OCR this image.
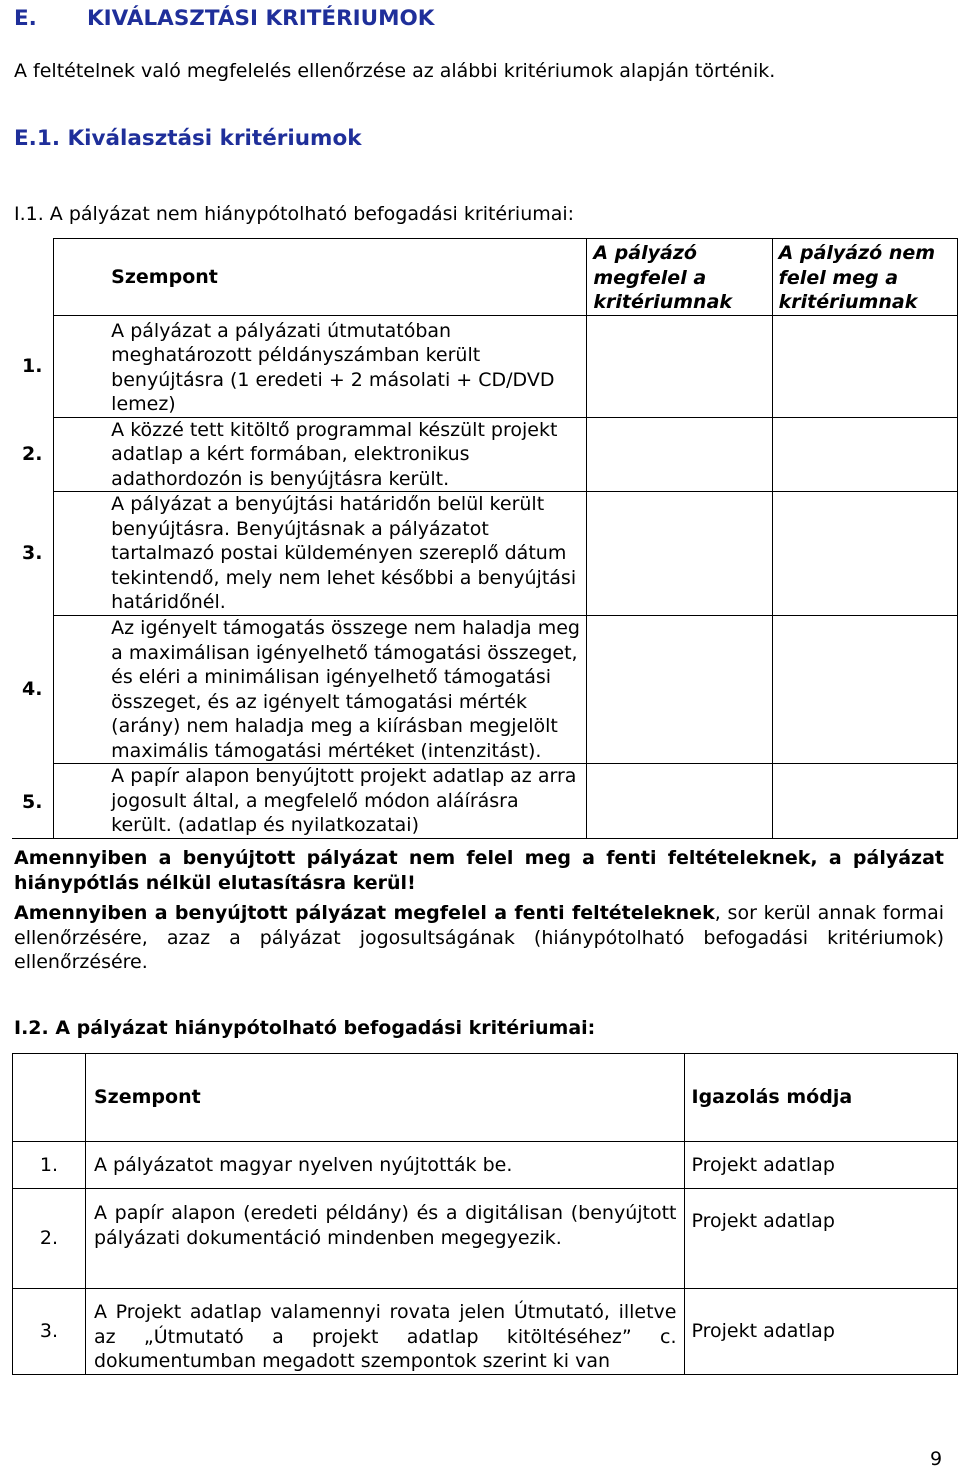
E. KIVÁLASZTÁSI KRITÉRIUMOK

A feltételnek való megfelelés ellenőrzése az alábbi kritériumok alapján történik.

E.1. Kiválasztási kritériumok
I.1. A pályázat nem hiánypótolható befogadási kritériumai:
	Szempont	A pályázó megfelel a kritériumnak	A pályázó nem felel meg a kritériumnak
1.	A pályázat a pályázati útmutatóban meghatározott példányszámban került benyújtásra (1 eredeti + 2 másolati + CD/DVD lemez)		
2.	A közzé tett kitöltő programmal készült projekt adatlap a kért formában, elektronikus adathordozón is benyújtásra került.		
3.	A pályázat a benyújtási határidőn belül került benyújtásra. Benyújtásnak a pályázatot tartalmazó postai küldeményen szereplő dátum tekintendő, mely nem lehet későbbi a benyújtási határidőnél.		
4.	Az igényelt támogatás összege nem haladja meg a maximálisan igényelhető támogatási összeget, és eléri a minimálisan igényelhető támogatási összeget, és az igényelt támogatási mérték (arány) nem haladja meg a kiírásban megjelölt maximális támogatási mértéket (intenzitást).		
5.	A papír alapon benyújtott projekt adatlap az arra jogosult által, a megfelelő módon aláírásra került. (adatlap és nyilatkozatai)		

Amennyiben a benyújtott pályázat nem felel meg a fenti feltételeknek, a pályázat hiánypótlás nélkül elutasításra kerül!

Amennyiben a benyújtott pályázat megfelel a fenti feltételeknek, sor kerül annak formai ellenőrzésére, azaz a pályázat jogosultságának (hiánypótolható befogadási kritériumok) ellenőrzésére.

I.2. A pályázat hiánypótolható befogadási kritériumai:
	Szempont	Igazolás módja
1.	A pályázatot magyar nyelven nyújtották be.	Projekt adatlap
2.	A papír alapon (eredeti példány) és a digitálisan (benyújtott pályázati dokumentáció mindenben megegyezik.	Projekt adatlap
3.	A Projekt adatlap valamennyi rovata jelen Útmutató, illetve az „Útmutató a projekt adatlap kitöltéséhez” c. dokumentumban megadott szempontok szerint ki van	Projekt adatlap
9
